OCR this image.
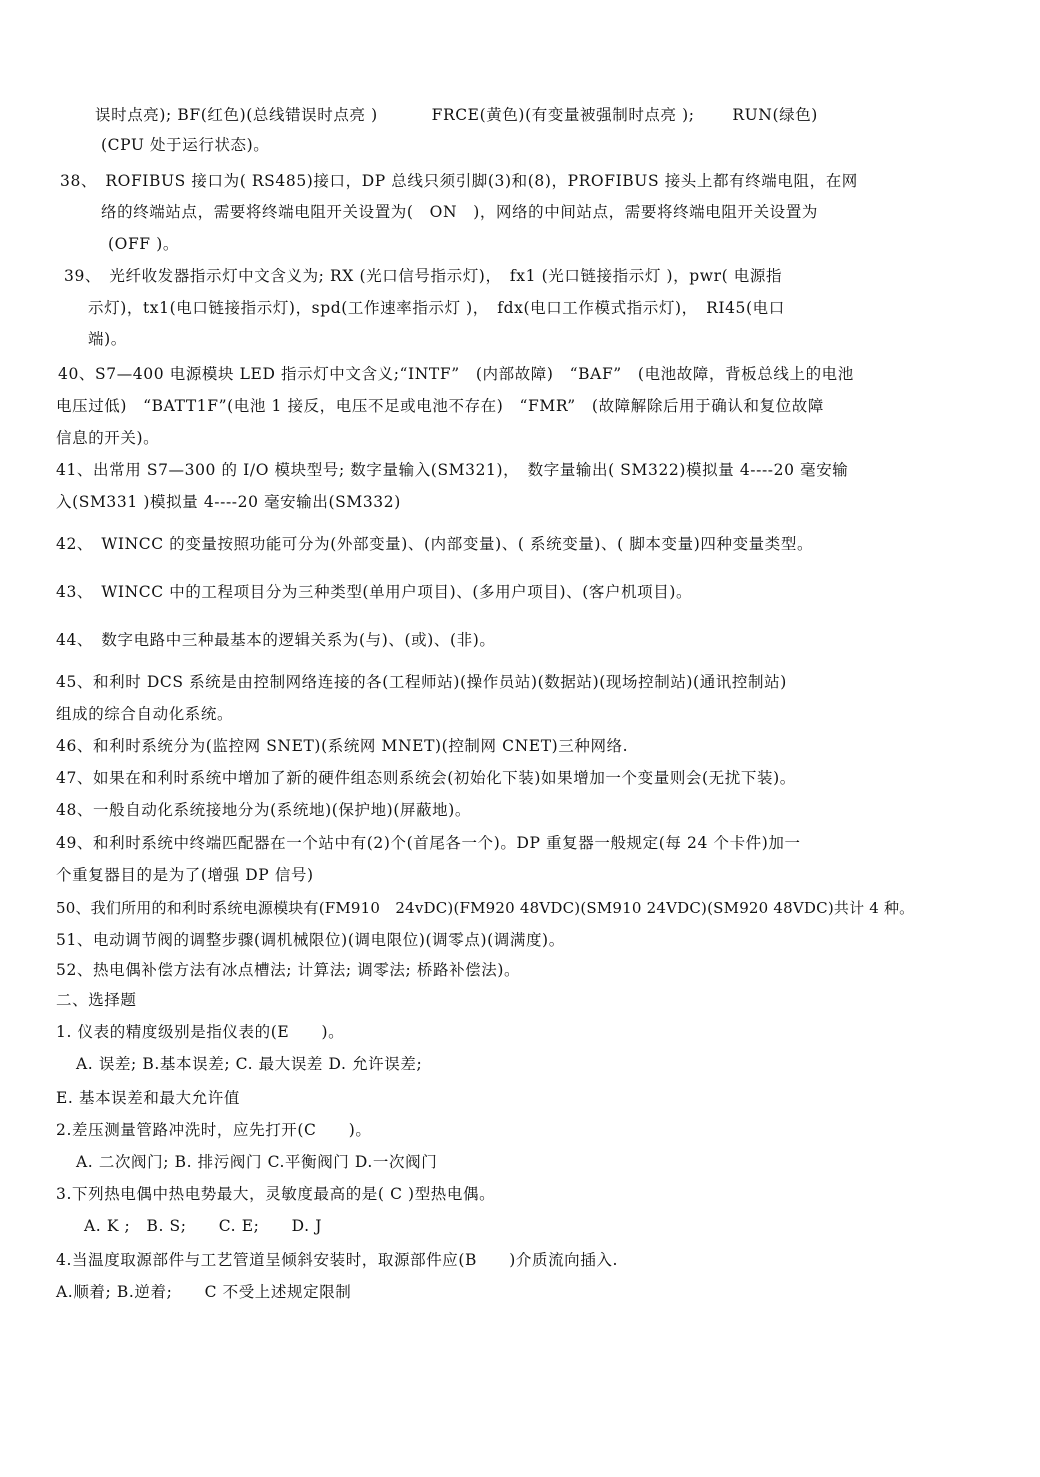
误时点亮); BF(红色)(总线错误时点亮 )　　　 FRCE(黄色)(有变量被强制时点亮 );　　 RUN(绿色)
(CPU 处于运行状态)。
38、　ROFIBUS 接口为( RS485)接口，DP 总线只须引脚(3)和(8)，PROFIBUS 接头上都有终端电阻，在网
络的终端站点，需要将终端电阻开关设置为(　ON　)，网络的中间站点，需要将终端电阻开关设置为
(OFF )。
39、　光纤收发器指示灯中文含义为; RX (光口信号指示灯)，　fx1 (光口链接指示灯 )，pwr( 电源指
示灯)，tx1(电口链接指示灯)，spd(工作速率指示灯 )，　fdx(电口工作模式指示灯)，　RI45(电口
端)。
40、S7—400 电源模块 LED 指示灯中文含义;“INTF”　(内部故障)　“BAF”　(电池故障，背板总线上的电池
电压过低)　“BATT1F”(电池 1 接反，电压不足或电池不存在)　“FMR”　(故障解除后用于确认和复位故障
信息的开关)。
41、出常用 S7—300 的 I/O 模块型号; 数字量输入(SM321)，　数字量输出( SM322)模拟量 4----20 毫安输
入(SM331 )模拟量 4----20 毫安输出(SM332)
42、　WINCC 的变量按照功能可分为(外部变量)、(内部变量)、( 系统变量)、( 脚本变量)四种变量类型。
43、　WINCC 中的工程项目分为三种类型(单用户项目)、(多用户项目)、(客户机项目)。
44、　数字电路中三种最基本的逻辑关系为(与)、(或)、(非)。
45、和利时 DCS 系统是由控制网络连接的各(工程师站)(操作员站)(数据站)(现场控制站)(通讯控制站)
组成的综合自动化系统。
46、和利时系统分为(监控网 SNET)(系统网 MNET)(控制网 CNET)三种网络.
47、如果在和利时系统中增加了新的硬件组态则系统会(初始化下装)如果增加一个变量则会(无扰下装)。
48、一般自动化系统接地分为(系统地)(保护地)(屏蔽地)。
49、和利时系统中终端匹配器在一个站中有(2)个(首尾各一个)。DP 重复器一般规定(每 24 个卡件)加一
个重复器目的是为了(增强 DP 信号)
50、我们所用的和利时系统电源模块有(FM910　24vDC)(FM920 48VDC)(SM910 24VDC)(SM920 48VDC)共计 4 种。
51、电动调节阀的调整步骤(调机械限位)(调电限位)(调零点)(调满度)。
52、热电偶补偿方法有冰点槽法; 计算法; 调零法; 桥路补偿法)。
二、选择题
1. 仪表的精度级别是指仪表的(E　　)。
A. 误差; B.基本误差; C. 最大误差 D. 允许误差;
E. 基本误差和最大允许值
2.差压测量管路冲洗时，应先打开(C　　)。
A. 二次阀门; B. 排污阀门 C.平衡阀门 D.一次阀门
3.下列热电偶中热电势最大，灵敏度最高的是( C )型热电偶。
A. K ;　B. S;　　C. E;　　D. J
4.当温度取源部件与工艺管道呈倾斜安装时，取源部件应(B　　)介质流向插入.
A.顺着; B.逆着;　　C 不受上述规定限制
